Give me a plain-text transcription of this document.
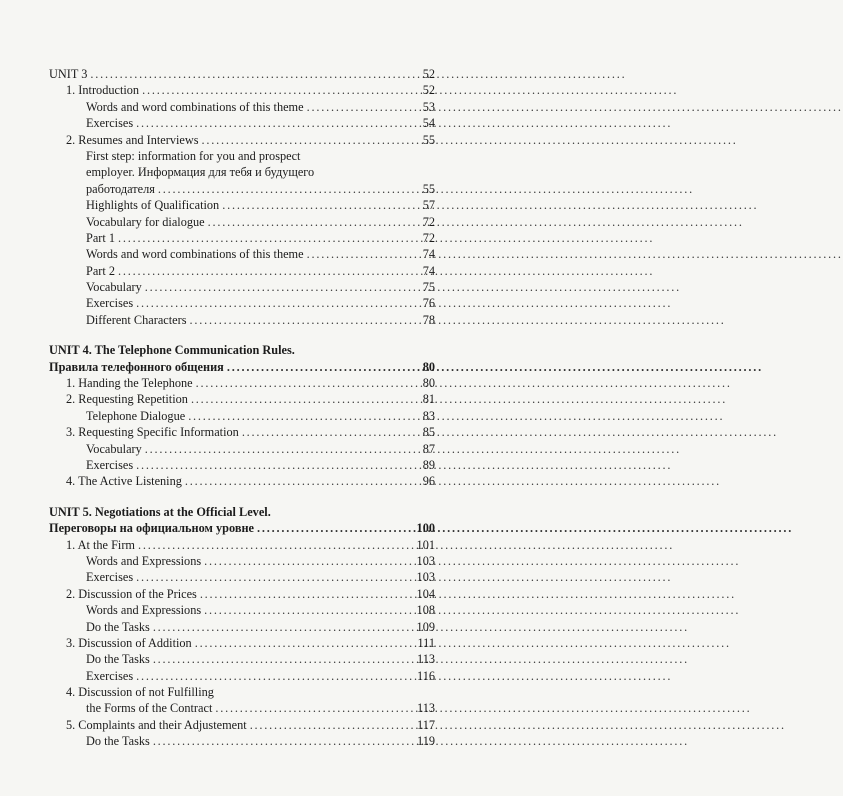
UNIT 3 .....	52
1. Introduction .....	52
Words and word combinations of this theme .....	53
Exercises .....	54
2. Resumes and Interviews .....	55
First step: information for you and prospect
employer. Информация для тебя и будущего
работодателя .....	55
Highlights of Qualification .....	57
Vocabulary for dialogue .....	72
Part 1 .....	72
Words and word combinations of this theme .....	74
Part 2 .....	74
Vocabulary .....	75
Exercises .....	76
Different Characters .....	78
UNIT 4. The Telephone Communication Rules.
Правила телефонного общения .....	80
1. Handing the Telephone .....	80
2. Requesting Repetition .....	81
Telephone Dialogue .....	83
3. Requesting Specific Information .....	85
Vocabulary .....	87
Exercises .....	89
4. The Active Listening .....	96
UNIT 5. Negotiations at the Official Level.
Переговоры на официальном уровне .....	100
1. At the Firm .....	101
Words and Expressions .....	103
Exercises .....	103
2. Discussion of the Prices .....	104
Words and Expressions .....	108
Do the Tasks .....	109
3. Discussion of Addition .....	111
Do the Tasks .....	113
Exercises .....	116
4. Discussion of not Fulfilling
the Forms of the Contract .....	113
5. Complaints and their Adjustement .....	117
Do the Tasks .....	119
